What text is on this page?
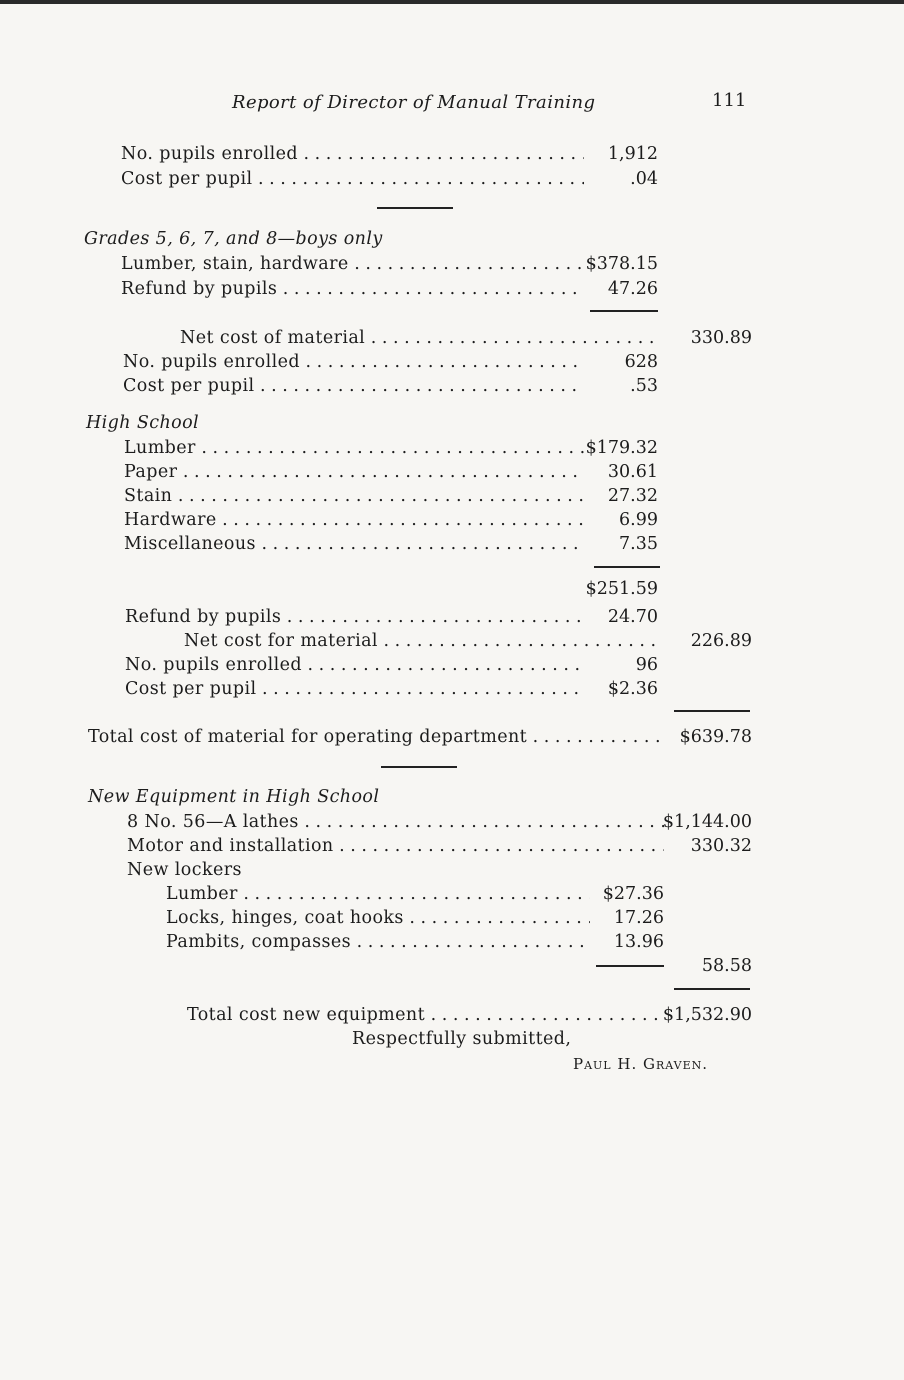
Report of Director of Manual Training	111
No. pupils enrolled . . .	1,912
Cost per pupil . . .	.04
Grades 5, 6, 7, and 8—boys only
Lumber, stain, hardware . . .	$378.15
Refund by pupils . . .	47.26
Net cost of material . . .	330.89
No. pupils enrolled . . .	628
Cost per pupil . . .	.53
High School
Lumber . . .	$179.32
Paper . . .	30.61
Stain . . .	27.32
Hardware . . .	6.99
Miscellaneous . . .	7.35
$251.59
Refund by pupils . . .	24.70
Net cost for material . . .	226.89
No. pupils enrolled . . .	96
Cost per pupil . . .	$2.36
Total cost of material for operating department . . .	$639.78
New Equipment in High School
8 No. 56—A lathes . . .	$1,144.00
Motor and installation . . .	330.32
New lockers
Lumber . . .	$27.36
Locks, hinges, coat hooks . . .	17.26
Pambits, compasses . . .	13.96
58.58
Total cost new equipment . . .	$1,532.90
Respectfully submitted,
Paul H. Graven.
